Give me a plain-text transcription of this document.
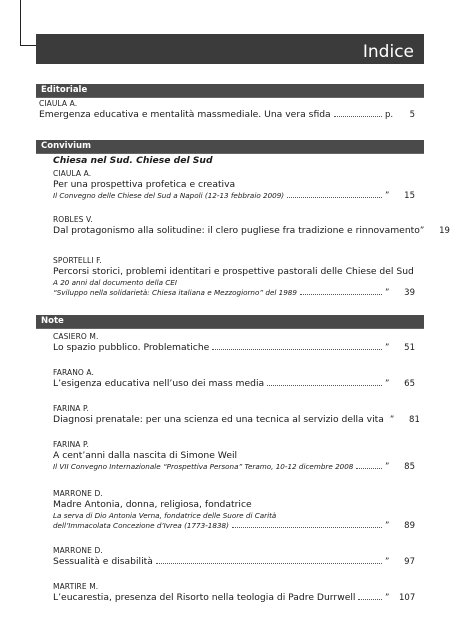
Indice
Editoriale
CIAULA A.
Emergenza educativa e mentalità massmediale. Una vera sfida	p.	5
Convivium
Chiesa nel Sud. Chiese del Sud
CIAULA A.
Per una prospettiva profetica e creativa
Il Convegno delle Chiese del Sud a Napoli (12-13 febbraio 2009)	”	15
ROBLES V.
Dal protagonismo alla solitudine: il clero pugliese fra tradizione e rinnovamento ”	19
SPORTELLI F.
Percorsi storici, problemi identitari e prospettive pastorali delle Chiese del Sud
A 20 anni dal documento della CEI
“Sviluppo nella solidarietà: Chiesa italiana e Mezzogiorno” del 1989	”	39
Note
CASIERO M.
Lo spazio pubblico. Problematiche	”	51
FARANO A.
L’esigenza educativa nell’uso dei mass media	”	65
FARINA P.
Diagnosi prenatale: per una scienza ed una tecnica al servizio della vita ”	81
FARINA P.
A cent’anni dalla nascita di Simone Weil
Il VII Convegno Internazionale “Prospettiva Persona” Teramo, 10-12 dicembre 2008	”	85
MARRONE D.
Madre Antonia, donna, religiosa, fondatrice
La serva di Dio Antonia Verna, fondatrice delle Suore di Carità
dell’Immacolata Concezione d’Ivrea (1773-1838)	”	89
MARRONE D.
Sessualità e disabilità	”	97
MARTIRE M.
L’eucarestia, presenza del Risorto nella teologia di Padre Durrwell	”	107
